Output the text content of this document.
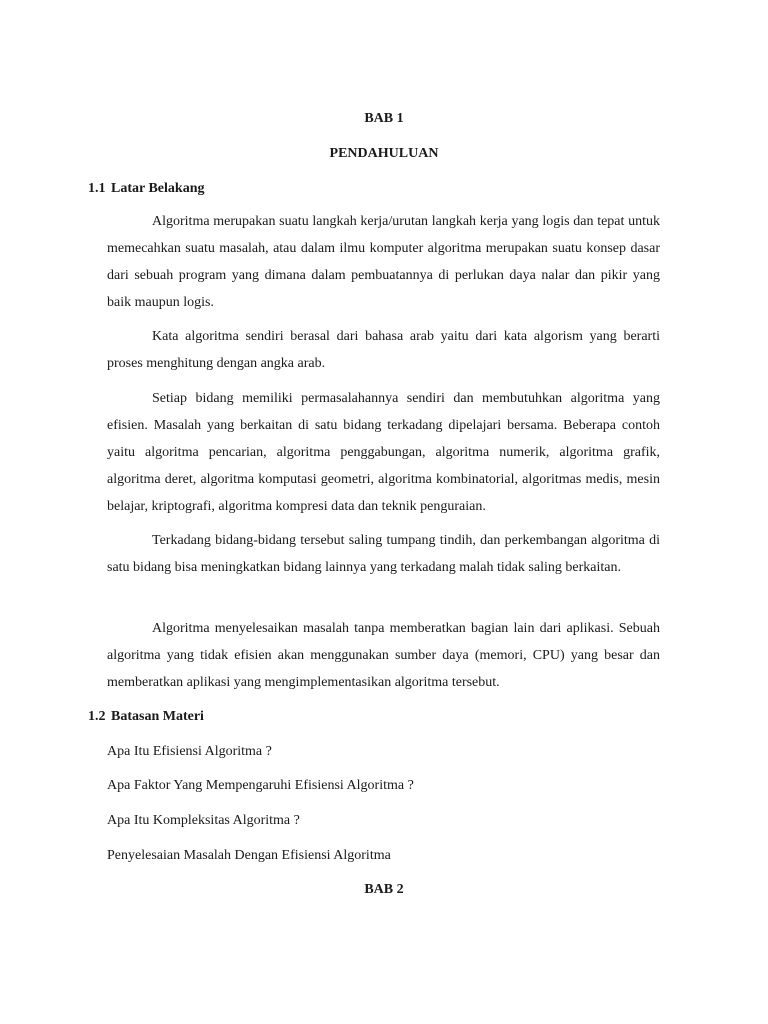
BAB 1
PENDAHULUAN
1.1 Latar Belakang

Algoritma merupakan suatu langkah kerja/urutan langkah kerja yang logis dan tepat untuk memecahkan suatu masalah, atau dalam ilmu komputer algoritma merupakan suatu konsep dasar dari sebuah program yang dimana dalam pembuatannya di perlukan daya nalar dan pikir yang baik maupun logis.

Kata algoritma sendiri berasal dari bahasa arab yaitu dari kata algorism yang berarti proses menghitung dengan angka arab.

Setiap bidang memiliki permasalahannya sendiri dan membutuhkan algoritma yang efisien. Masalah yang berkaitan di satu bidang terkadang dipelajari bersama. Beberapa contoh yaitu algoritma pencarian, algoritma penggabungan, algoritma numerik, algoritma grafik, algoritma deret, algoritma komputasi geometri, algoritma kombinatorial, algoritmas medis, mesin belajar, kriptografi, algoritma kompresi data dan teknik penguraian.

Terkadang bidang-bidang tersebut saling tumpang tindih, dan perkembangan algoritma di satu bidang bisa meningkatkan bidang lainnya yang terkadang malah tidak saling berkaitan.

Algoritma menyelesaikan masalah tanpa memberatkan bagian lain dari aplikasi. Sebuah algoritma yang tidak efisien akan menggunakan sumber daya (memori, CPU) yang besar dan memberatkan aplikasi yang mengimplementasikan algoritma tersebut.

1.2 Batasan Materi
Apa Itu Efisiensi Algoritma ?
Apa Faktor Yang Mempengaruhi Efisiensi Algoritma ?
Apa Itu Kompleksitas Algoritma ?
Penyelesaian Masalah Dengan Efisiensi Algoritma
BAB 2
